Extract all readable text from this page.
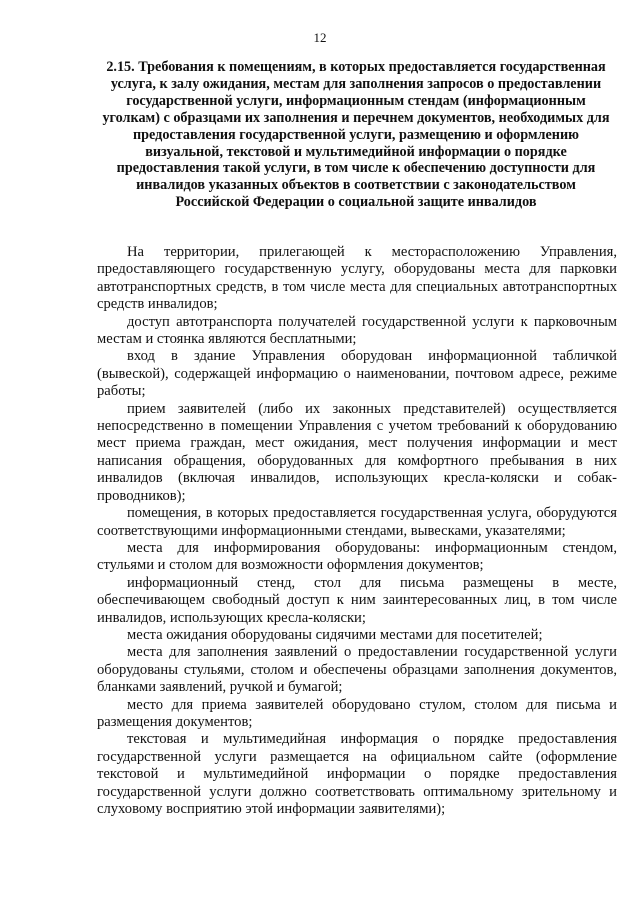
12
2.15. Требования к помещениям, в которых предоставляется государственная услуга, к залу ожидания, местам для заполнения запросов о предоставлении государственной услуги, информационным стендам (информационным уголкам) с образцами их заполнения и перечнем документов, необходимых для предоставления государственной услуги, размещению и оформлению визуальной, текстовой и мультимедийной информации о порядке предоставления такой услуги, в том числе к обеспечению доступности для инвалидов указанных объектов в соответствии с законодательством Российской Федерации о социальной защите инвалидов

На территории, прилегающей к месторасположению Управления, предоставляющего государственную услугу, оборудованы места для парковки автотранспортных средств, в том числе места для специальных автотранспортных средств инвалидов;

доступ автотранспорта получателей государственной услуги к парковочным местам и стоянка являются бесплатными;

вход в здание Управления оборудован информационной табличкой (вывеской), содержащей информацию о наименовании, почтовом адресе, режиме работы;

прием заявителей (либо их законных представителей) осуществляется непосредственно в помещении Управления с учетом требований к оборудованию мест приема граждан, мест ожидания, мест получения информации и мест написания обращения, оборудованных для комфортного пребывания в них инвалидов (включая инвалидов, использующих кресла-коляски и собак-проводников);

помещения, в которых предоставляется государственная услуга, оборудуются соответствующими информационными стендами, вывесками, указателями;

места для информирования оборудованы: информационным стендом, стульями и столом для возможности оформления документов;

информационный стенд, стол для письма размещены в месте, обеспечивающем свободный доступ к ним заинтересованных лиц, в том числе инвалидов, использующих кресла-коляски;

места ожидания оборудованы сидячими местами для посетителей;

места для заполнения заявлений о предоставлении государственной услуги оборудованы стульями, столом и обеспечены образцами заполнения документов, бланками заявлений, ручкой и бумагой;

место для приема заявителей оборудовано стулом, столом для письма и размещения документов;

текстовая и мультимедийная информация о порядке предоставления государственной услуги размещается на официальном сайте (оформление текстовой и мультимедийной информации о порядке предоставления государственной услуги должно соответствовать оптимальному зрительному и слуховому восприятию этой информации заявителями);
